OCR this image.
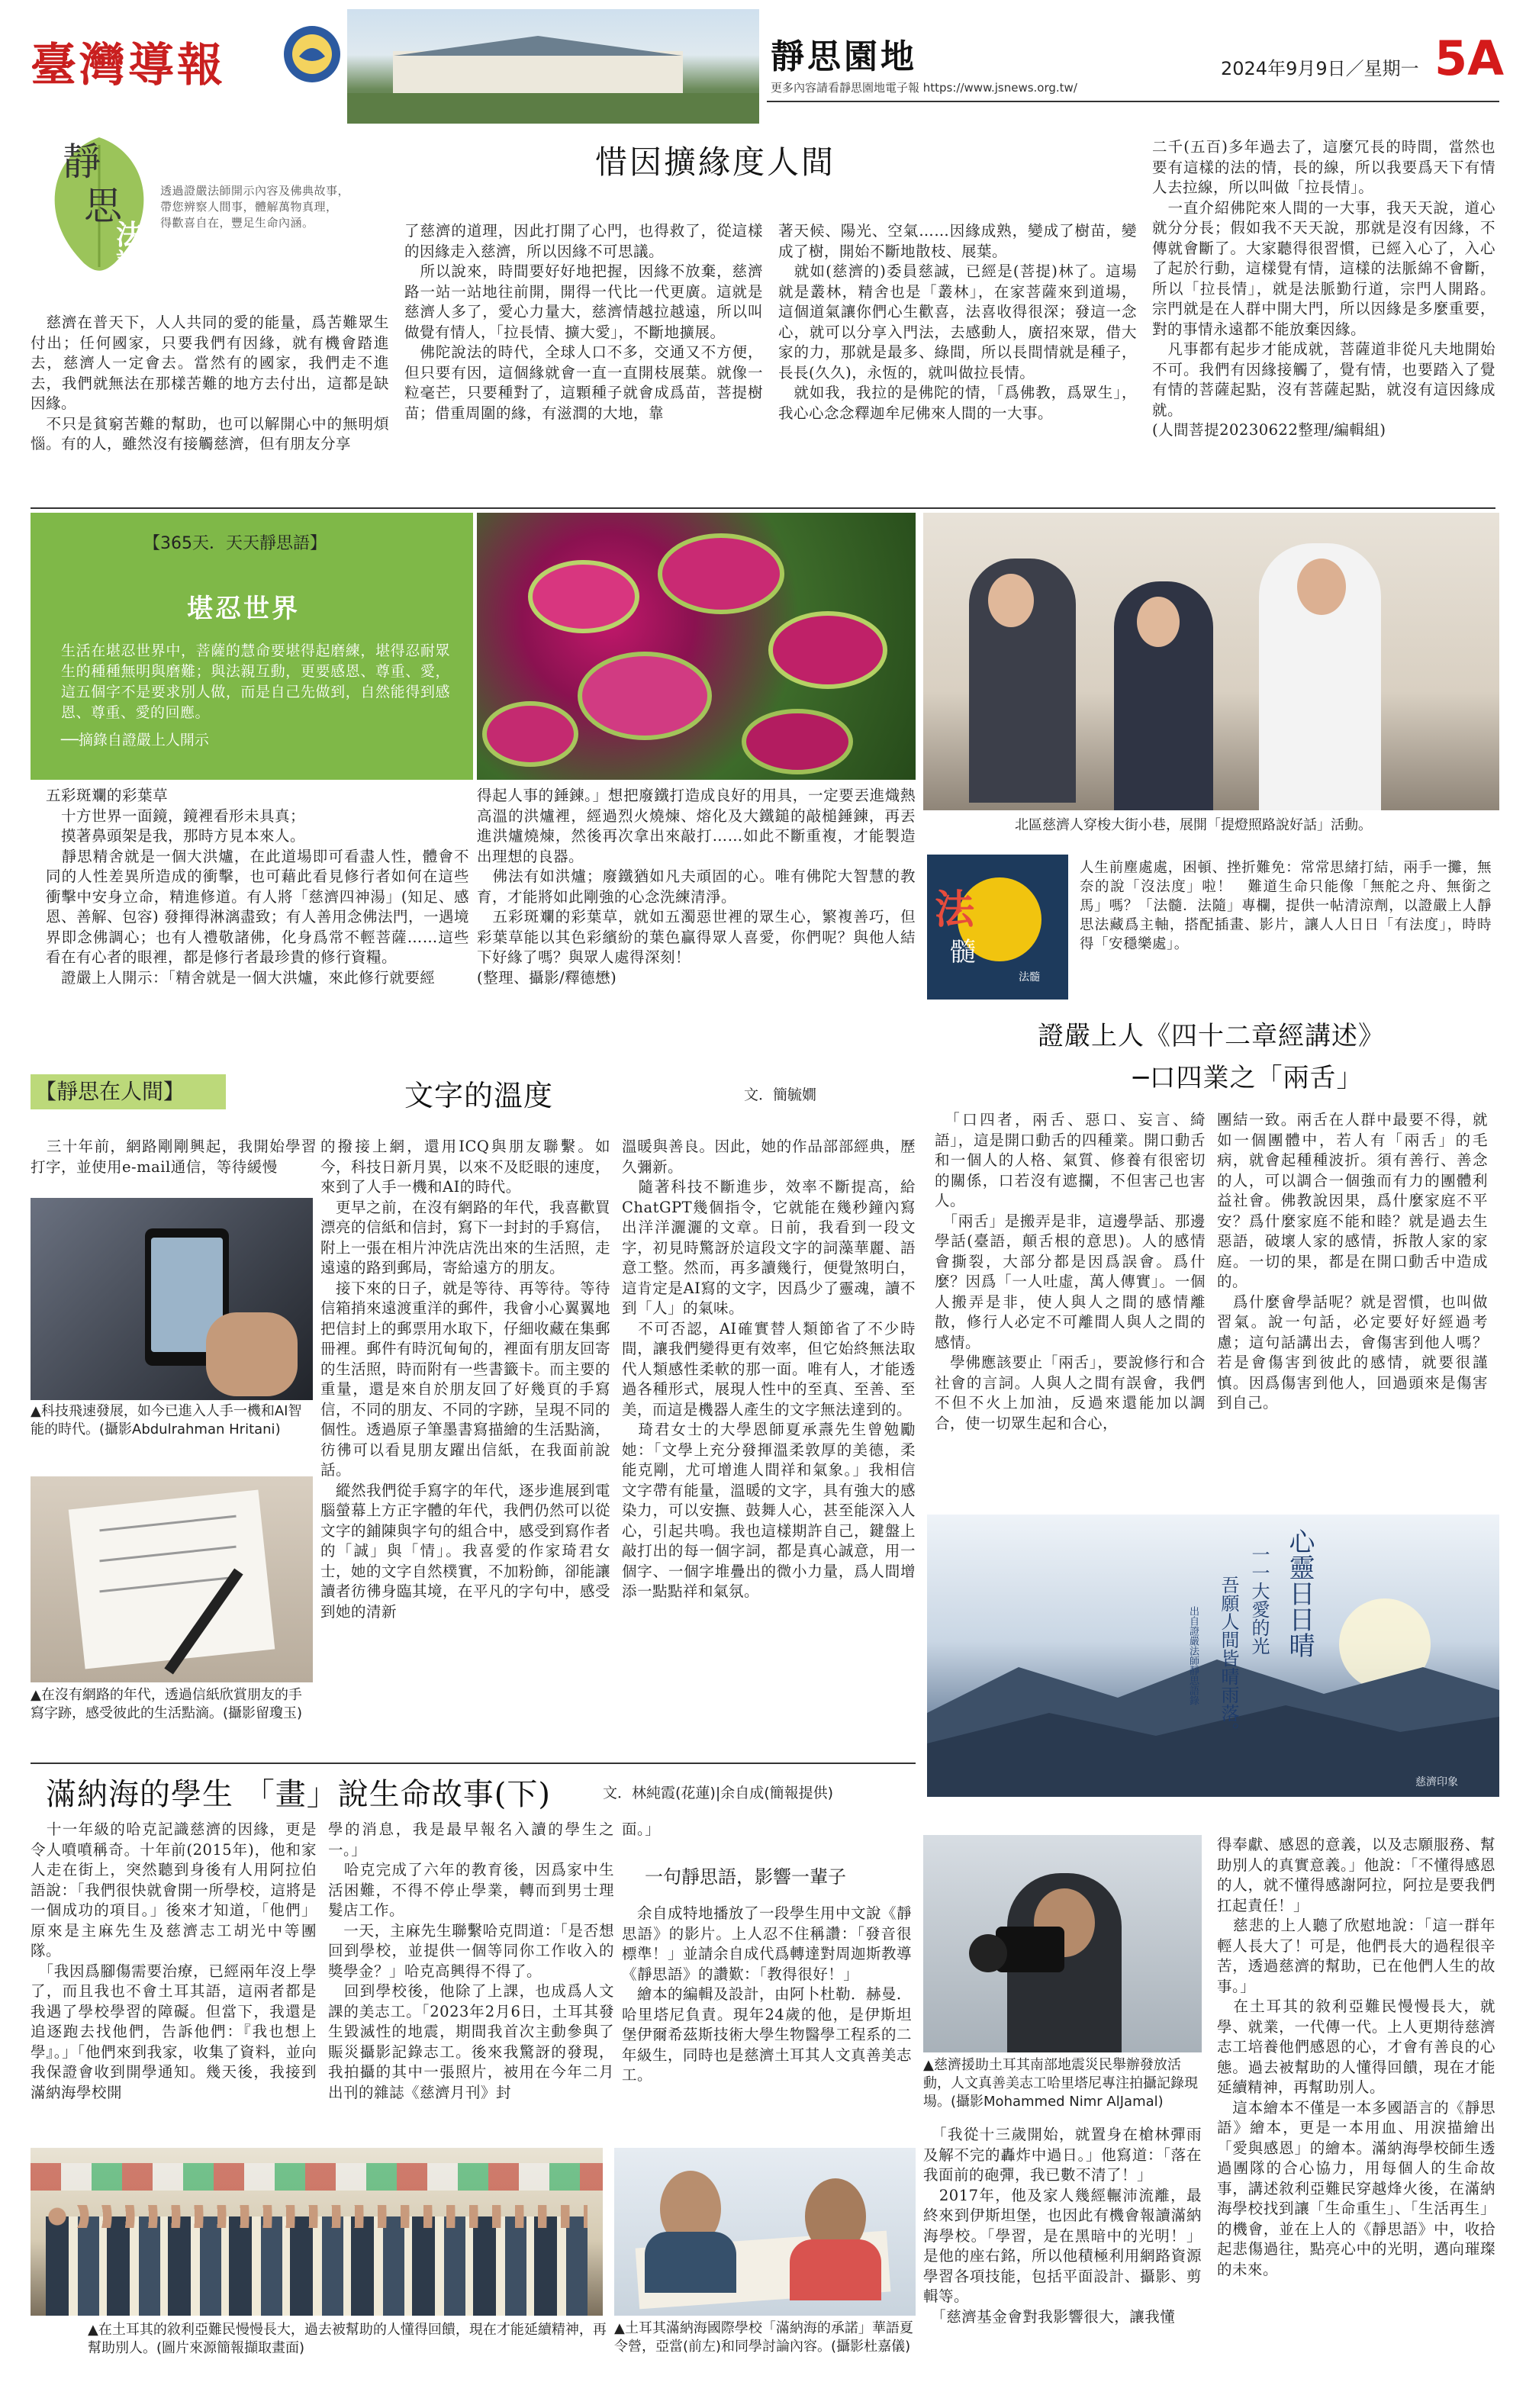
臺灣導報	靜思園地
更多內容請看靜思園地電子報 https://www.jsnews.org.tw/
2024年9月9日／星期一 5A
靜
思
法
語
透過證嚴法師開示內容及佛典故事，
帶您辨察人間事，體解萬物真理，
得歡喜自在，豐足生命內涵。
惜因擴緣度人間
　慈濟在普天下，人人共同的愛的能量，爲苦難眾生付出；任何國家，只要我們有因緣，就有機會踏進去，慈濟人一定會去。當然有的國家，我們走不進去，我們就無法在那樣苦難的地方去付出，這都是缺因緣。
　不只是貧窮苦難的幫助，也可以解開心中的無明煩惱。有的人，雖然沒有接觸慈濟，但有朋友分享
了慈濟的道理，因此打開了心門，也得救了，從這樣的因緣走入慈濟，所以因緣不可思議。
　所以說來，時間要好好地把握，因緣不放棄，慈濟路一站一站地往前開，開得一代比一代更廣。這就是慈濟人多了，愛心力量大，慈濟情越拉越遠，所以叫做覺有情人，「拉長情、擴大愛」，不斷地擴展。
　佛陀說法的時代，全球人口不多，交通又不方便，但只要有因，這個緣就會一直一直開枝展葉。就像一粒毫芒，只要種對了，這顆種子就會成爲苗，菩提樹苗；借重周圍的緣，有滋潤的大地，靠
著天候、陽光、空氣……因緣成熟，變成了樹苗，變成了樹，開始不斷地散枝、展葉。
　就如(慈濟的)委員慈誠，已經是(菩提)林了。這場就是叢林，精舍也是「叢林」，在家菩薩來到道場，這個道氣讓你們心生歡喜，法喜收得很深；發這一念心，就可以分享入門法，去感動人，廣招來眾，借大家的力，那就是最多、綠間，所以長間情就是種子，長長(久久)，永恆的，就叫做拉長情。
　就如我，我拉的是佛陀的情，「爲佛教，爲眾生」，我心心念念釋迦牟尼佛來人間的一大事。
二千(五百)多年過去了，這麼冗長的時間，當然也要有這樣的法的情，長的線，所以我要爲天下有情人去拉線，所以叫做「拉長情」。
　一直介紹佛陀來人間的一大事，我天天說，道心就分分長；假如我不天天說，那就是沒有因緣，不傳就會斷了。大家聽得很習慣，已經入心了，入心了起於行動，這樣覺有情，這樣的法脈綿不會斷，所以「拉長情」，就是法脈勤行道，宗門人開路。宗門就是在人群中開大門，所以因緣是多麼重要，對的事情永遠都不能放棄因緣。
　凡事都有起步才能成就，菩薩道非從凡夫地開始不可。我們有因緣接觸了，覺有情，也要踏入了覺有情的菩薩起點，沒有菩薩起點，就沒有這因緣成就。
(人間菩提20230622整理/編輯組)
【365天．天天靜思語】
堪忍世界
生活在堪忍世界中，菩薩的慧命要堪得起磨練，堪得忍耐眾生的種種無明與磨難；與法親互動，更要感恩、尊重、愛，這五個字不是要求別人做，而是自己先做到，自然能得到感恩、尊重、愛的回應。
──摘錄自證嚴上人開示
五彩斑斕的彩葉草
　十方世界一面鏡，鏡裡看形未具真；
　摸著鼻頭架是我，那時方見本來人。
　靜思精舍就是一個大洪爐，在此道場即可看盡人性，體會不同的人性差異所造成的衝擊，也可藉此看見修行者如何在這些衝擊中安身立命，精進修道。有人將「慈濟四神湯」(知足、感恩、善解、包容) 發揮得淋漓盡致；有人善用念佛法門，一遇境界即念佛調心；也有人禮敬諸佛，化身爲常不輕菩薩……這些看在有心者的眼裡，都是修行者最珍貴的修行資糧。
　證嚴上人開示：「精舍就是一個大洪爐，來此修行就要經
得起人事的錘鍊。」想把廢鐵打造成良好的用具，一定要丟進熾熱高溫的洪爐裡，經過烈火燒煉、熔化及大鐵鎚的敲槌錘鍊，再丟進洪爐燒煉，然後再次拿出來敲打……如此不斷重複，才能製造出理想的良器。
　佛法有如洪爐；廢鐵猶如凡夫頑固的心。唯有佛陀大智慧的教育，才能將如此剛強的心念洗練清淨。
　五彩斑斕的彩葉草，就如五濁惡世裡的眾生心，繁複善巧，但彩葉草能以其色彩繽紛的葉色贏得眾人喜愛，你們呢？與他人結下好緣了嗎？與眾人處得深刻！
(整理、攝影/釋德懋)
北區慈濟人穿梭大街小巷，展開「提燈照路說好話」活動。
法
髓
法髓
人生前塵處處，困頓、挫折難免：常常思緒打結，兩手一攤，無奈的說「沒法度」啦！　難道生命只能像「無舵之舟、無銜之馬」嗎？「法髓．法隨」專欄，提供一帖清涼劑，以證嚴上人靜思法藏爲主軸，搭配插畫、影片，讓人人日日「有法度」，時時得「安穩樂處」。
證嚴上人《四十二章經講述》
─口四業之「兩舌」
　「口四者，兩舌、惡口、妄言、綺語」，這是開口動舌的四種業。開口動舌和一個人的人格、氣質、修養有很密切的關係，口若沒有遮攔，不但害己也害人。
　「兩舌」是搬弄是非，這邊學話、那邊學話(臺語，顛舌根的意思)。人的感情會撕裂，大部分都是因爲誤會。爲什麼？因爲「一人吐虛，萬人傳實」。一個人搬弄是非，使人與人之間的感情離散，修行人必定不可離間人與人之間的感情。
　學佛應該要止「兩舌」，要說修行和合社會的言詞。人與人之間有誤會，我們不但不火上加油，反過來還能加以調合，使一切眾生起和合心，
團結一致。兩舌在人群中最要不得，就如一個團體中，若人有「兩舌」的毛病，就會起種種波折。須有善行、善念的人，可以調合一個強而有力的團體利益社會。佛教說因果，爲什麼家庭不平安？爲什麼家庭不能和睦？就是過去生惡語，破壞人家的感情，拆散人家的家庭。一切的果，都是在開口動舌中造成的。
　爲什麼會學話呢？就是習慣，也叫做習氣。說一句話，必定要好好經過考慮；這句話講出去，會傷害到他人嗎？若是會傷害到彼此的感情，就要很謹慎。因爲傷害到他人，回過頭來是傷害到自己。
心靈日日晴
一一大愛的光
吾願人間皆晴雨落。
出自證嚴法師靜思語錄
慈濟印象
【靜思在人間】	文字的溫度	文．簡毓嫺
　三十年前，網路剛剛興起，我開始學習打字，並使用e-mail通信，等待緩慢
▲科技飛速發展，如今已進入人手一機和AI智能的時代。(攝影Abdulrahman Hritani)
▲在沒有網路的年代，透過信紙欣賞朋友的手寫字跡，感受彼此的生活點滴。(攝影留瓊玉)
的撥接上網，還用ICQ與朋友聯繫。如今，科技日新月異，以來不及眨眼的速度，來到了人手一機和AI的時代。
　更早之前，在沒有網路的年代，我喜歡買漂亮的信紙和信封，寫下一封封的手寫信，附上一張在相片沖洗店洗出來的生活照，走遠遠的路到郵局，寄給遠方的朋友。
　接下來的日子，就是等待、再等待。等待信箱捎來遠渡重洋的郵件，我會小心翼翼地把信封上的郵票用水取下，仔細收藏在集郵冊裡。郵件有時沉甸甸的，裡面有朋友回寄的生活照，時而附有一些書籤卡。而主要的重量，還是來自於朋友回了好幾頁的手寫信，不同的朋友、不同的字跡，呈現不同的個性。透過原子筆墨書寫描繪的生活點滴，彷彿可以看見朋友躍出信紙，在我面前說話。
　縱然我們從手寫字的年代，逐步進展到電腦螢幕上方正字體的年代，我們仍然可以從文字的鋪陳與字句的組合中，感受到寫作者的「誠」與「情」。我喜愛的作家琦君女士，她的文字自然樸實，不加粉飾，卻能讓讀者彷彿身臨其境，在平凡的字句中，感受到她的清新
溫暖與善良。因此，她的作品部部經典，歷久彌新。
　隨著科技不斷進步，效率不斷提高，給ChatGPT幾個指令，它就能在幾秒鐘內寫出洋洋灑灑的文章。日前，我看到一段文字，初見時驚訝於這段文字的詞藻華麗、語意工整。然而，再多讀幾行，便覺煞明白，這肯定是AI寫的文字，因爲少了靈魂，讀不到「人」的氣味。
　不可否認，AI確實替人類節省了不少時間，讓我們變得更有效率，但它始終無法取代人類感性柔軟的那一面。唯有人，才能透過各種形式，展現人性中的至真、至善、至美，而這是機器人產生的文字無法達到的。
　琦君女士的大學恩師夏承燾先生曾勉勵她：「文學上充分發揮溫柔敦厚的美德，柔能克剛，尤可增進人間祥和氣象。」我相信文字帶有能量，溫暖的文字，具有強大的感染力，可以安撫、鼓舞人心，甚至能深入人心，引起共鳴。我也這樣期許自己，鍵盤上敲打出的每一個字詞，都是真心誠意，用一個字、一個字堆疊出的微小力量，爲人間增添一點點祥和氣氛。
滿納海的學生 「畫」說生命故事(下)	文．林純霞(花蓮)|余自成(簡報提供)
　十一年級的哈克記識慈濟的因緣，更是令人噴噴稱奇。十年前(2015年)，他和家人走在街上，突然聽到身後有人用阿拉伯語說：「我們很快就會開一所學校，這將是一個成功的項目。」後來才知道，「他們」原來是主麻先生及慈濟志工胡光中等團隊。
　「我因爲腳傷需要治療，已經兩年沒上學了，而且我也不會土耳其語，這兩者都是我遇了學校學習的障礙。但當下，我還是追逐跑去找他們，告訴他們：『我也想上學』。」「他們來到我家，收集了資料，並向我保證會收到開學通知。幾天後，我接到滿納海學校開
學的消息，我是最早報名入讀的學生之一。」
　哈克完成了六年的教育後，因爲家中生活困難，不得不停止學業，轉而到男士理髮店工作。
　一天，主麻先生聯繫哈克問道：「是否想回到學校，並提供一個等同你工作收入的獎學金？」哈克高興得不得了。
　回到學校後，他除了上課，也成爲人文課的美志工。「2023年2月6日，土耳其發生毀滅性的地震，期間我首次主動參與了賑災攝影記錄志工。後來我驚訝的發現，我拍攝的其中一張照片，被用在今年二月出刊的雜誌《慈濟月刊》封
面。」
一句靜思語，影響一輩子
　余自成特地播放了一段學生用中文說《靜思語》的影片。上人忍不住稱讚：「發音很標準！」並請余自成代爲轉達對周迦斯教導《靜思語》的讚歎：「教得很好！」
　繪本的編輯及設計，由阿卜杜勒．赫曼．哈里塔尼負責。現年24歲的他，是伊斯坦堡伊爾希茲斯技術大學生物醫學工程系的二年級生，同時也是慈濟土耳其人文真善美志工。
▲慈濟援助土耳其南部地震災民舉辦發放活動，人文真善美志工哈里塔尼專注拍攝記錄現場。(攝影Mohammed Nimr AlJamal)
　「我從十三歲開始，就置身在槍林彈雨及解不完的轟炸中過日。」他寫道：「落在我面前的砲彈，我已數不清了！」
　2017年，他及家人幾經輾沛流離，最終來到伊斯坦堡，也因此有機會報讀滿納海學校。「學習，是在黑暗中的光明！」是他的座右銘，所以他積極利用網路資源學習各項技能，包括平面設計、攝影、剪輯等。
　「慈濟基金會對我影響很大，讓我懂
得奉獻、感恩的意義，以及志願服務、幫助別人的真實意義。」他說：「不懂得感恩的人，就不懂得感謝阿拉，阿拉是要我們扛起責任！」
　慈悲的上人聽了欣慰地說：「這一群年輕人長大了！可是，他們長大的過程很辛苦，透過慈濟的幫助，已在他們人生的故事。」
　在土耳其的敘利亞難民慢慢長大，就學、就業，一代傳一代。上人更期待慈濟志工培養他們感恩的心，才會有善良的心態。過去被幫助的人懂得回饋，現在才能延續精神，再幫助別人。
　這本繪本不僅是一本多國語言的《靜思語》繪本，更是一本用血、用淚描繪出「愛與感恩」的繪本。滿納海學校師生透過團隊的合心協力，用每個人的生命故事，講述敘利亞難民穿越烽火後，在滿納海學校找到讓「生命重生」、「生活再生」的機會，並在上人的《靜思語》中，收拾起悲傷過往，點亮心中的光明，邁向璀璨的未來。
▲在土耳其的敘利亞難民慢慢長大，過去被幫助的人懂得回饋，現在才能延續精神，再幫助別人。(圖片來源簡報擷取畫面)
▲土耳其滿納海國際學校「滿納海的承諾」華語夏令營，亞當(前左)和同學討論內容。(攝影杜嘉儀)
